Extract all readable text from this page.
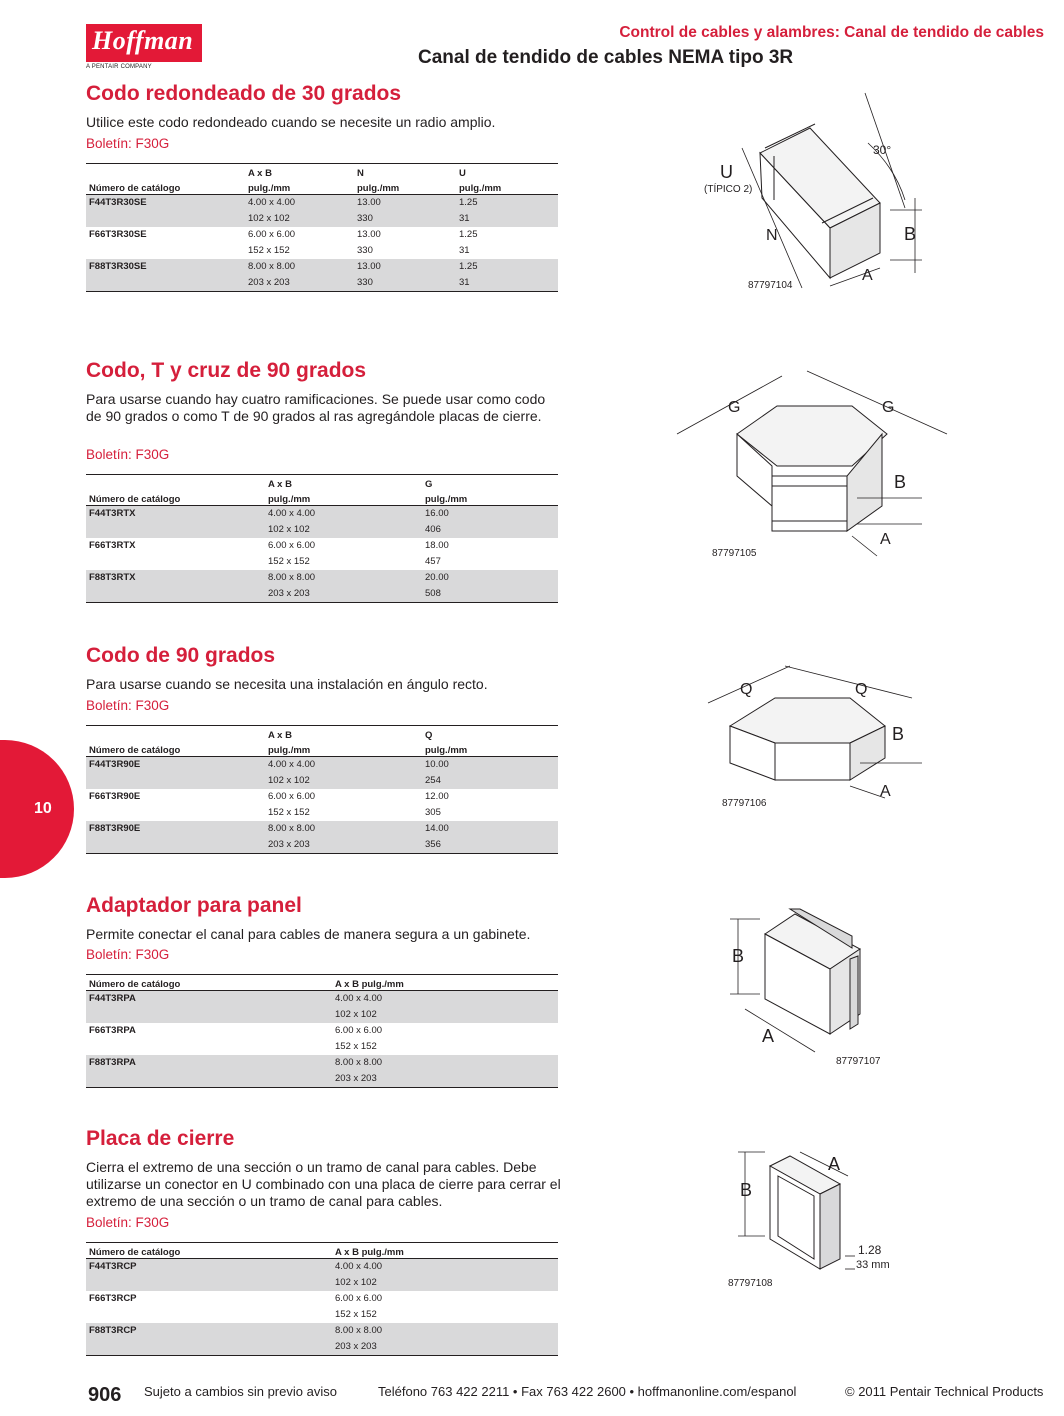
Hoffman
A PENTAIR COMPANY
Control de cables y alambres: Canal de tendido de cables
Canal de tendido de cables NEMA tipo 3R
Codo redondeado de 30 grados
Utilice este codo redondeado cuando se necesite un radio amplio.
Boletín: F30G
	A x B	N	U
Número de catálogo	pulg./mm	pulg./mm	pulg./mm
F44T3R30SE	4.00 x 4.00	13.00	1.25
	102 x 102	330	31
F66T3R30SE	6.00 x 6.00	13.00	1.25
	152 x 152	330	31
F88T3R30SE	8.00 x 8.00	13.00	1.25
	203 x 203	330	31
U
(TÍPICO 2)
N
A
B
30°
87797104
Codo, T y cruz de 90 grados
Para usarse cuando hay cuatro ramificaciones. Se puede usar como codo de 90 grados o como T de 90 grados al ras agregándole placas de cierre.
Boletín: F30G
	A x B	G
Número de catálogo	pulg./mm	pulg./mm
F44T3RTX	4.00 x 4.00	16.00
	102 x 102	406
F66T3RTX	6.00 x 6.00	18.00
	152 x 152	457
F88T3RTX	8.00 x 8.00	20.00
	203 x 203	508
G	G
B
A
87797105
Codo de 90 grados
Para usarse cuando se necesita una instalación en ángulo recto.
Boletín: F30G
	A x B	Q
Número de catálogo	pulg./mm	pulg./mm
F44T3R90E	4.00 x 4.00	10.00
	102 x 102	254
F66T3R90E	6.00 x 6.00	12.00
	152 x 152	305
F88T3R90E	8.00 x 8.00	14.00
	203 x 203	356
Q	Q
B
A
87797106
Adaptador para panel
Permite conectar el canal para cables de manera segura a un gabinete.
Boletín: F30G
Número de catálogo	A x B pulg./mm
F44T3RPA	4.00 x 4.00
	102 x 102
F66T3RPA	6.00 x 6.00
	152 x 152
F88T3RPA	8.00 x 8.00
	203 x 203
B
A
87797107
Placa de cierre
Cierra el extremo de una sección o un tramo de canal para cables. Debe utilizarse un conector en U combinado con una placa de cierre para cerrar el extremo de una sección o un tramo de canal para cables.
Boletín: F30G
Número de catálogo	A x B pulg./mm
F44T3RCP	4.00 x 4.00
	102 x 102
F66T3RCP	6.00 x 6.00
	152 x 152
F88T3RCP	8.00 x 8.00
	203 x 203
B
A
1.28
33 mm
87797108
10
906 Sujeto a cambios sin previo aviso	Teléfono 763 422 2211 • Fax 763 422 2600 • hoffmanonline.com/espanol	© 2011 Pentair Technical Products
